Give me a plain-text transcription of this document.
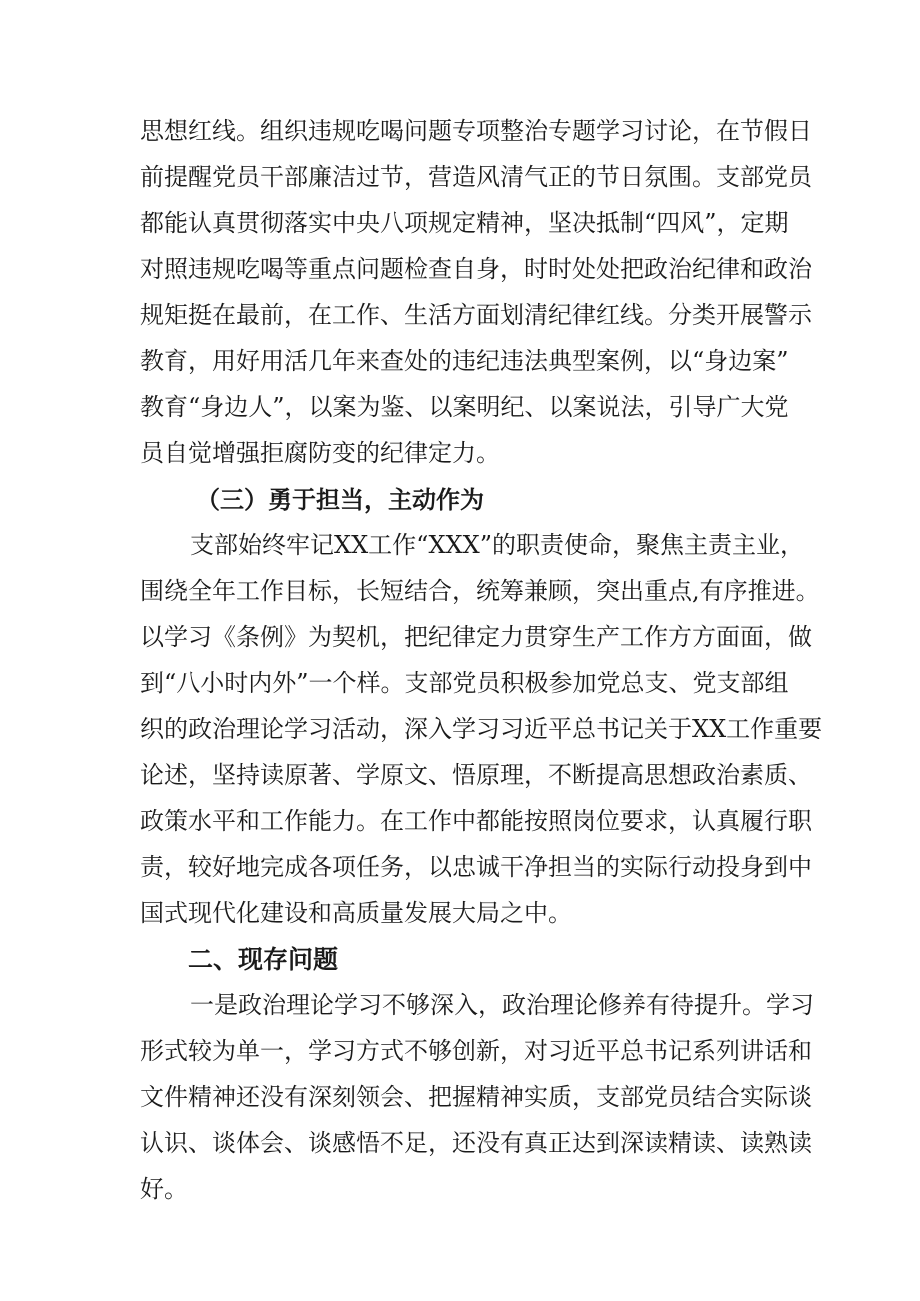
思想红线。组织违规吃喝问题专项整治专题学习讨论，在节假日

前提醒党员干部廉洁过节，营造风清气正的节日氛围。支部党员

都能认真贯彻落实中央八项规定精神，坚决抵制“四风”，定期

对照违规吃喝等重点问题检查自身，时时处处把政治纪律和政治

规矩挺在最前，在工作、生活方面划清纪律红线。分类开展警示

教育，用好用活几年来查处的违纪违法典型案例，以“身边案”

教育“身边人”，以案为鉴、以案明纪、以案说法，引导广大党

员自觉增强拒腐防变的纪律定力。

（三）勇于担当，主动作为

支部始终牢记XX工作“XXX”的职责使命，聚焦主责主业，

围绕全年工作目标，长短结合，统筹兼顾，突出重点,有序推进。

以学习《条例》为契机，把纪律定力贯穿生产工作方方面面，做

到“八小时内外”一个样。支部党员积极参加党总支、党支部组

织的政治理论学习活动，深入学习习近平总书记关于XX工作重要

论述，坚持读原著、学原文、悟原理，不断提高思想政治素质、

政策水平和工作能力。在工作中都能按照岗位要求，认真履行职

责，较好地完成各项任务，以忠诚干净担当的实际行动投身到中

国式现代化建设和高质量发展大局之中。

二、现存问题

一是政治理论学习不够深入，政治理论修养有待提升。学习

形式较为单一，学习方式不够创新，对习近平总书记系列讲话和

文件精神还没有深刻领会、把握精神实质，支部党员结合实际谈

认识、谈体会、谈感悟不足，还没有真正达到深读精读、读熟读

好。
